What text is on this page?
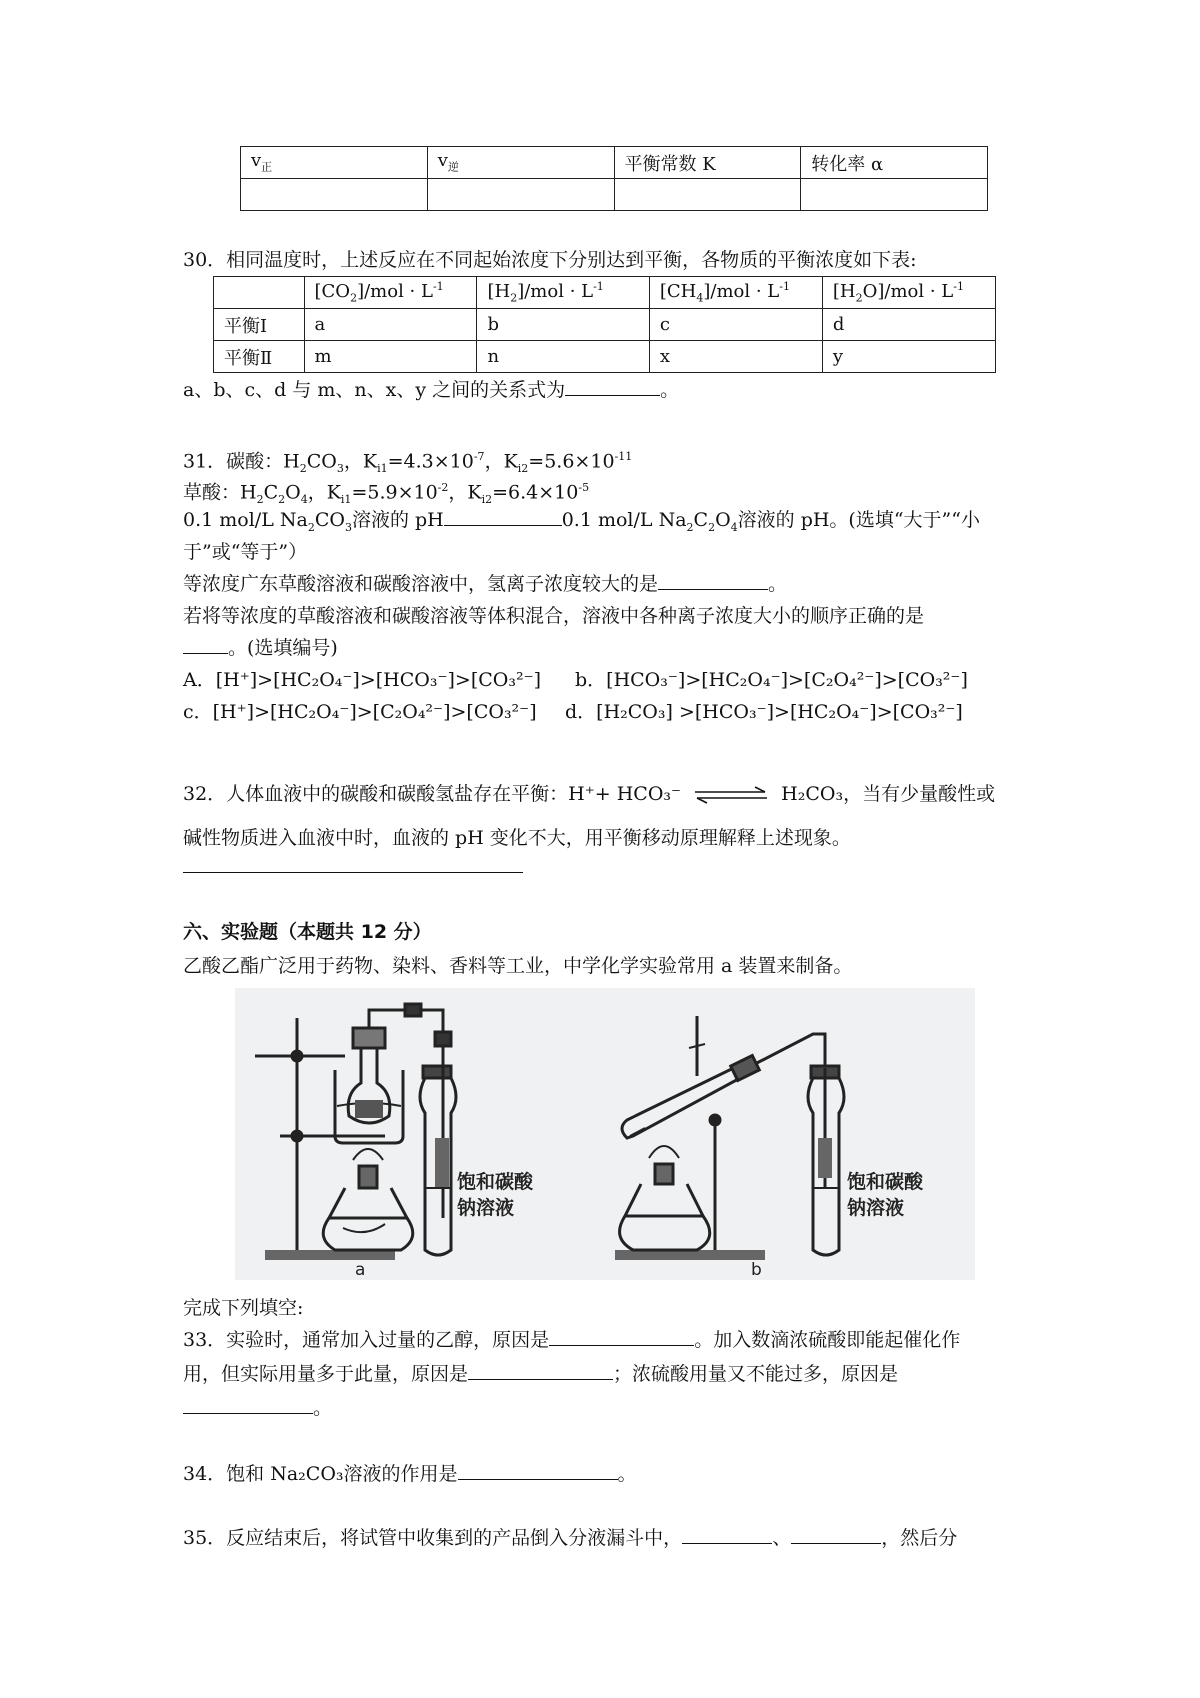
$v_正$	$v_逆$	平衡常数 K	转化率 α

30．相同温度时，上述反应在不同起始浓度下分别达到平衡，各物质的平衡浓度如下表:
	$[CO_2]$/mol · $L^{-1}$	$[H_2]$/mol · $L^{-1}$	$[CH_4]$/mol · $L^{-1}$	$[H_2O]$/mol · $L^{-1}$
平衡Ⅰ	a	b	c	d
平衡Ⅱ	m	n	x	y
a、b、c、d 与 m、n、x、y 之间的关系式为	。
31．碳酸：$H_2CO_3$，$K_{i1}=4.3\times 10^{-7}$，$K_{i2}=5.6\times 10^{-11}$
草酸：$H_2C_2O_4$，$K_{i1}=5.9\times 10^{-2}$，$K_{i2}=6.4\times 10^{-5}$
0.1 mol/L $Na_2CO_3$溶液的 pH	0.1 mol/L $Na_2C_2O_4$溶液的 pH。(选填“大于”“小
于”或“等于”）
等浓度广东草酸溶液和碳酸溶液中，氢离子浓度较大的是	。
若将等浓度的草酸溶液和碳酸溶液等体积混合，溶液中各种离子浓度大小的顺序正确的是
。(选填编号)
A．[H⁺]>[HC₂O₄⁻]>[HCO₃⁻]>[CO₃²⁻] b．[HCO₃⁻]>[HC₂O₄⁻]>[C₂O₄²⁻]>[CO₃²⁻]
c．[H⁺]>[HC₂O₄⁻]>[C₂O₄²⁻]>[CO₃²⁻] d．[H₂CO₃] >[HCO₃⁻]>[HC₂O₄⁻]>[CO₃²⁻]
32．人体血液中的碳酸和碳酸氢盐存在平衡：H⁺+ HCO₃⁻ ⇌ H₂CO₃，当有少量酸性或
碱性物质进入血液中时，血液的 pH 变化不大，用平衡移动原理解释上述现象。
六、实验题（本题共 12 分）
乙酸乙酯广泛用于药物、染料、香料等工业，中学化学实验常用 a 装置来制备。
饱和碳酸
钠溶液
a
饱和碳酸
钠溶液
b
完成下列填空:
33．实验时，通常加入过量的乙醇，原因是	。加入数滴浓硫酸即能起催化作
用，但实际用量多于此量，原因是	；浓硫酸用量又不能过多，原因是
。
34．饱和 Na₂CO₃溶液的作用是	。
35．反应结束后，将试管中收集到的产品倒入分液漏斗中，	、	，然后分
